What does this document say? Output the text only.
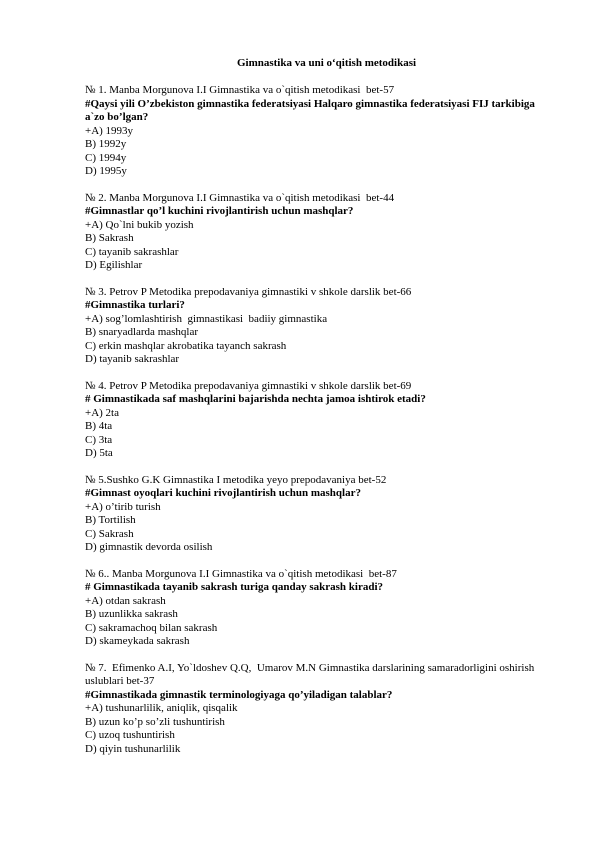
Gimnastika va uni o‘qitish metodikasi
№ 1. Manba Morgunova I.I Gimnastika va o`qitish metodikasi  bet-57
#Qaysi yili O’zbekiston gimnastika federatsiyasi Halqaro gimnastika federatsiyasi FIJ tarkibiga a`zo bo’lgan?
+A) 1993y
B) 1992y
C) 1994y
D) 1995y
№ 2. Manba Morgunova I.I Gimnastika va o`qitish metodikasi  bet-44
#Gimnastlar qo’l kuchini rivojlantirish uchun mashqlar?
+A) Qo`lni bukib yozish
B) Sakrash
C) tayanib sakrashlar
D) Egilishlar
№ 3. Petrov P Metodika prepodavaniya gimnastiki v shkole darslik bet-66
#Gimnastika turlari?
+A) sog’lomlashtirish  gimnastikasi  badiiy gimnastika
B) snaryadlarda mashqlar
C) erkin mashqlar akrobatika tayanch sakrash
D) tayanib sakrashlar
№ 4. Petrov P Metodika prepodavaniya gimnastiki v shkole darslik bet-69
# Gimnastikada saf mashqlarini bajarishda nechta jamoa ishtirok etadi?
+A) 2ta
B) 4ta
C) 3ta
D) 5ta
№ 5.Sushko G.K Gimnastika I metodika yeyo prepodavaniya bet-52
#Gimnast oyoqlari kuchini rivojlantirish uchun mashqlar?
+A) o’tirib turish
B) Tortilish
C) Sakrash
D) gimnastik devorda osilish
№ 6.. Manba Morgunova I.I Gimnastika va o`qitish metodikasi  bet-87
# Gimnastikada tayanib sakrash turiga qanday sakrash kiradi?
+A) otdan sakrash
B) uzunlikka sakrash
C) sakramachoq bilan sakrash
D) skameykada sakrash
№ 7.  Efimenko A.I, Yo`ldoshev Q.Q,  Umarov M.N Gimnastika darslarining samaradorligini oshirish uslublari bet-37
#Gimnastikada gimnastik terminologiyaga qo’yiladigan talablar?
+A) tushunarlilik, aniqlik, qisqalik
B) uzun ko’p so’zli tushuntirish
C) uzoq tushuntirish
D) qiyin tushunarlilik
